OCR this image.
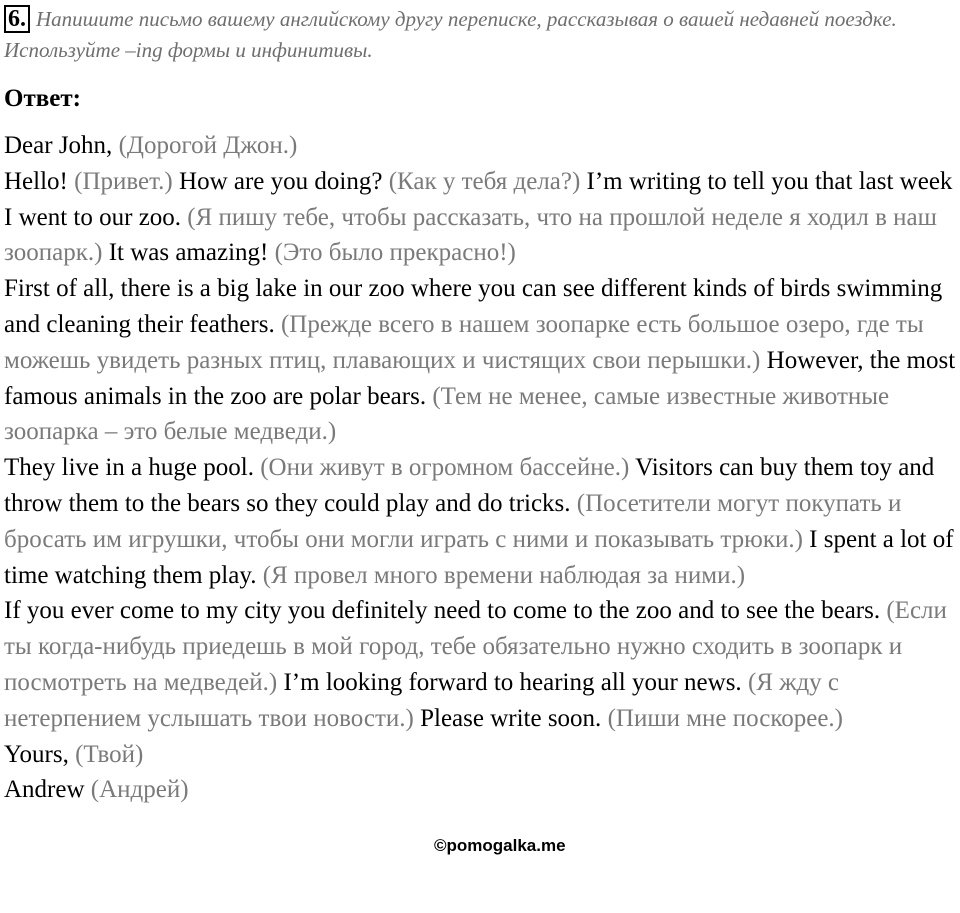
6. Напишите письмо вашему английскому другу переписке, рассказывая о вашей недавней поездке. Используйте –ing формы и инфинитивы.
Ответ:
Dear John, (Дорогой Джон.)
Hello! (Привет.) How are you doing? (Как у тебя дела?) I’m writing to tell you that last week I went to our zoo. (Я пишу тебе, чтобы рассказать, что на прошлой неделе я ходил в наш зоопарк.) It was amazing! (Это было прекрасно!)
First of all, there is a big lake in our zoo where you can see different kinds of birds swimming and cleaning their feathers. (Прежде всего в нашем зоопарке есть большое озеро, где ты можешь увидеть разных птиц, плавающих и чистящих свои перышки.) However, the most famous animals in the zoo are polar bears. (Тем не менее, самые известные животные зоопарка – это белые медведи.)
They live in a huge pool. (Они живут в огромном бассейне.) Visitors can buy them toy and throw them to the bears so they could play and do tricks. (Посетители могут покупать и бросать им игрушки, чтобы они могли играть с ними и показывать трюки.) I spent a lot of time watching them play. (Я провел много времени наблюдая за ними.)
If you ever come to my city you definitely need to come to the zoo and to see the bears. (Если ты когда-нибудь приедешь в мой город, тебе обязательно нужно сходить в зоопарк и посмотреть на медведей.) I’m looking forward to hearing all your news. (Я жду с нетерпением услышать твои новости.) Please write soon. (Пиши мне поскорее.)
Yours, (Твой)
Andrew (Андрей)
©pomogalka.me
